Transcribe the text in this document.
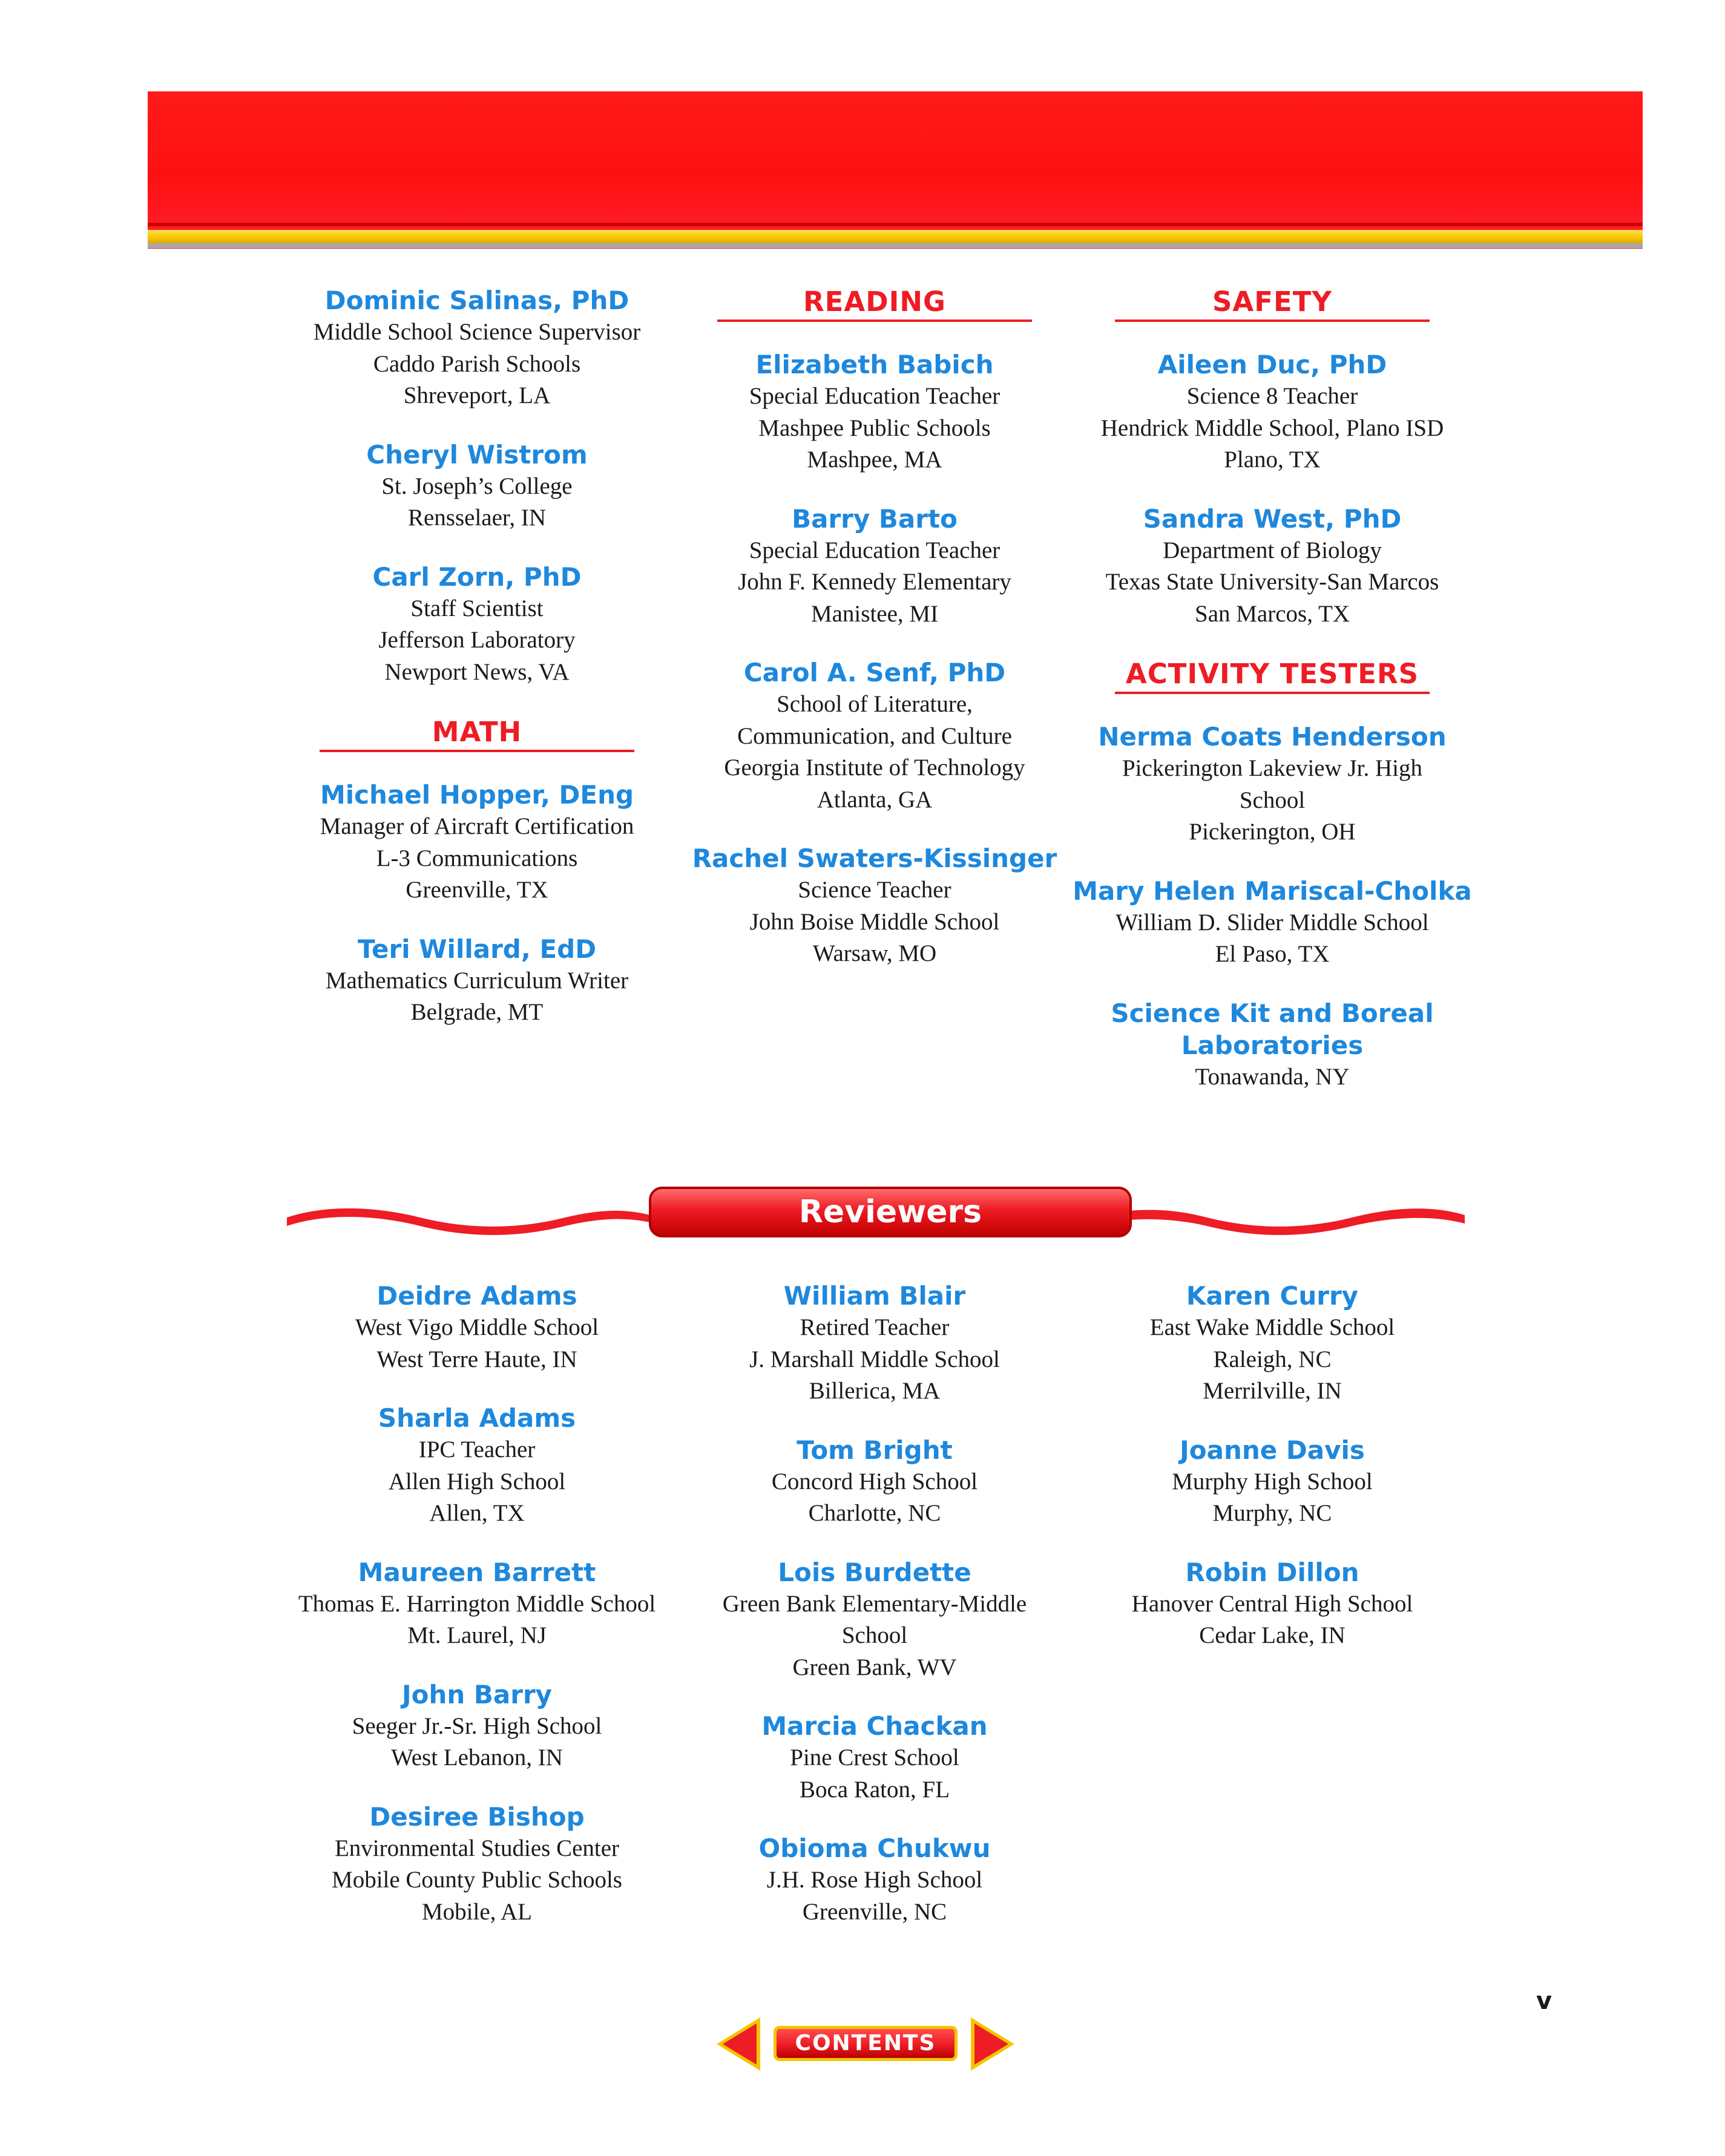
Dominic Salinas, PhD
Middle School Science Supervisor
Caddo Parish Schools
Shreveport, LA
Cheryl Wistrom
St. Joseph’s College
Rensselaer, IN
Carl Zorn, PhD
Staff Scientist
Jefferson Laboratory
Newport News, VA
MATH
Michael Hopper, DEng
Manager of Aircraft Certification
L-3 Communications
Greenville, TX
Teri Willard, EdD
Mathematics Curriculum Writer
Belgrade, MT
READING
Elizabeth Babich
Special Education Teacher
Mashpee Public Schools
Mashpee, MA
Barry Barto
Special Education Teacher
John F. Kennedy Elementary
Manistee, MI
Carol A. Senf, PhD
School of Literature,
Communication, and Culture
Georgia Institute of Technology
Atlanta, GA
Rachel Swaters-Kissinger
Science Teacher
John Boise Middle School
Warsaw, MO
SAFETY
Aileen Duc, PhD
Science 8 Teacher
Hendrick Middle School, Plano ISD
Plano, TX
Sandra West, PhD
Department of Biology
Texas State University-San Marcos
San Marcos, TX
ACTIVITY TESTERS
Nerma Coats Henderson
Pickerington Lakeview Jr. High
School
Pickerington, OH
Mary Helen Mariscal-Cholka
William D. Slider Middle School
El Paso, TX
Science Kit and Boreal
Laboratories
Tonawanda, NY
Reviewers
Deidre Adams
West Vigo Middle School
West Terre Haute, IN
Sharla Adams
IPC Teacher
Allen High School
Allen, TX
Maureen Barrett
Thomas E. Harrington Middle School
Mt. Laurel, NJ
John Barry
Seeger Jr.-Sr. High School
West Lebanon, IN
Desiree Bishop
Environmental Studies Center
Mobile County Public Schools
Mobile, AL
William Blair
Retired Teacher
J. Marshall Middle School
Billerica, MA
Tom Bright
Concord High School
Charlotte, NC
Lois Burdette
Green Bank Elementary-Middle
School
Green Bank, WV
Marcia Chackan
Pine Crest School
Boca Raton, FL
Obioma Chukwu
J.H. Rose High School
Greenville, NC
Karen Curry
East Wake Middle School
Raleigh, NC
Merrilville, IN
Joanne Davis
Murphy High School
Murphy, NC
Robin Dillon
Hanover Central High School
Cedar Lake, IN
v
CONTENTS
